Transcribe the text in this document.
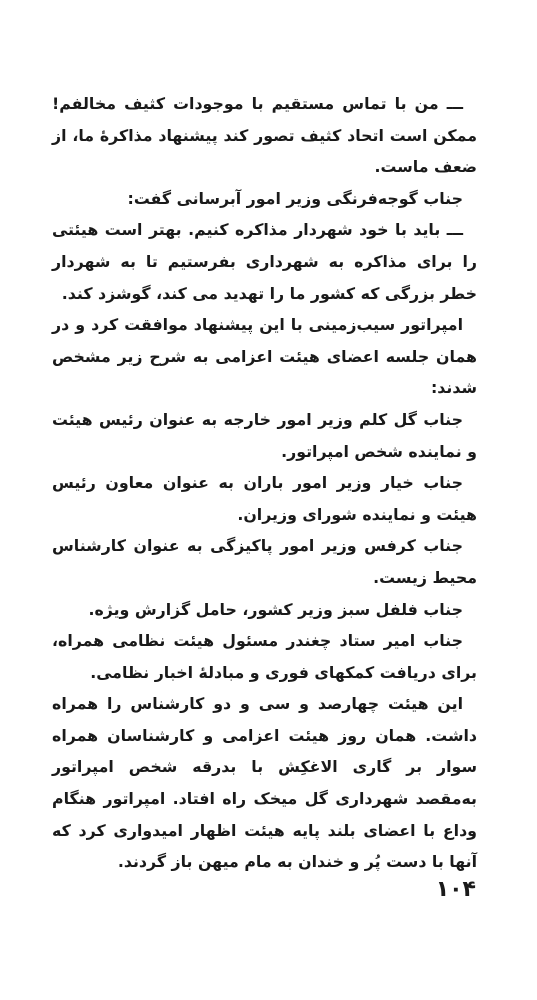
ـــ من با تماس مستقیم با موجودات کثیف مخالفم! ممکن است اتحاد کثیف تصور کند پیشنهاد مذاکرهٔ ما، از ضعف ماست.

جناب گوجه‌فرنگی وزیر امور آبرسانی گفت:

ـــ باید با خود شهردار مذاکره کنیم. بهتر است هیئتی را برای مذاکره به شهرداری بفرستیم تا به شهردار خطر بزرگی که کشور ما را تهدید می کند، گوشزد کند.

امپراتور سیب‌زمینی با این پیشنهاد موافقت کرد و در همان جلسه اعضای هیئت اعزامی به شرح زیر مشخص شدند:

جناب گل کلم وزیر امور خارجه به عنوان رئیس هیئت و نماینده شخص امپراتور.

جناب خیار وزیر امور باران به عنوان معاون رئیس هیئت و نماینده شورای وزیران.

جناب کرفس وزیر امور پاکیزگی به عنوان کارشناس محیط زیست.

جناب فلفل سبز وزیر کشور، حامل گزارش ویژه.

جناب امیر ستاد چغندر مسئول هیئت نظامی همراه، برای دریافت کمکهای فوری و مبادلهٔ اخبار نظامی.

این هیئت چهارصد و سی و دو کارشناس را همراه داشت. همان روز هیئت اعزامی و کارشناسان همراه سوار بر گاری الاغکِش با بدرقه شخص امپراتور به‌مقصد شهرداری گل میخک راه افتاد. امپراتور هنگام وداع با اعضای بلند پایه هیئت اظهار امیدواری کرد که آنها با دست پُر و خندان به مام میهن باز گردند.

۱۰۴
